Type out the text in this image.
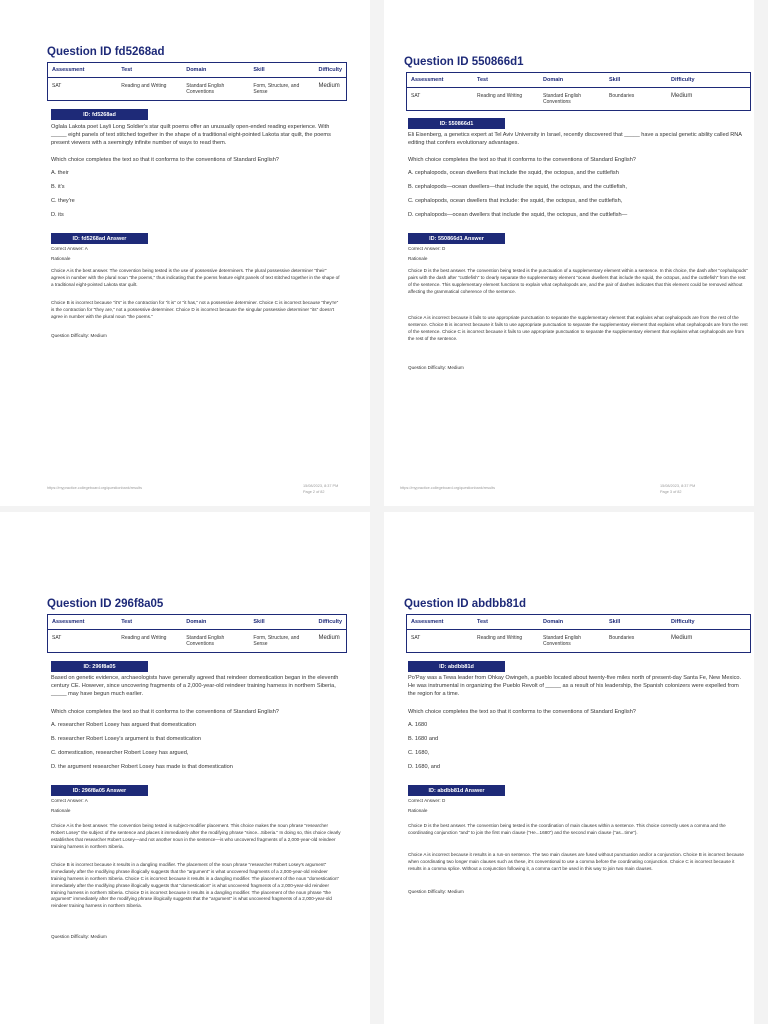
Question ID fd5268ad
Assessment	Test	Domain	Skill	Difficulty
SAT	Reading and Writing	Standard English Conventions	Form, Structure, and Sense	Medium
ID: fd5268ad

Oglala Lakota poet Layli Long Soldier's star quilt poems offer an unusually open-ended reading experience. With _____ eight panels of text stitched together in the shape of a traditional eight-pointed Lakota star quilt, the poems present viewers with a seemingly infinite number of ways to read them.

Which choice completes the text so that it conforms to the conventions of Standard English?

A. their
B. it's
C. they're
D. its
ID: fd5268ad Answer

Correct Answer: A

Rationale

Choice A is the best answer. The convention being tested is the use of possessive determiners. The plural possessive determiner "their" agrees in number with the plural noun "the poems," thus indicating that the poems feature eight panels of text stitched together in the shape of a traditional eight-pointed Lakota star quilt.

Choice B is incorrect because "it's" is the contraction for "it is" or "it has," not a possessive determiner. Choice C is incorrect because "they're" is the contraction for "they are," not a possessive determiner. Choice D is incorrect because the singular possessive determiner "its" doesn't agree in number with the plural noun "the poems."

Question Difficulty: Medium

https://mypractice.collegeboard.org/questionbank/results	15/08/2023, 8:37 PM
Page 2 of 82
Question ID 550866d1
Assessment	Test	Domain	Skill	Difficulty
SAT	Reading and Writing	Standard English Conventions	Boundaries	Medium
ID: 550866d1

Eli Eisenberg, a genetics expert at Tel Aviv University in Israel, recently discovered that _____ have a special genetic ability called RNA editing that confers evolutionary advantages.

Which choice completes the text so that it conforms to the conventions of Standard English?

A. cephalopods, ocean dwellers that include the squid, the octopus, and the cuttlefish
B. cephalopods—ocean dwellers—that include the squid, the octopus, and the cuttlefish,
C. cephalopods, ocean dwellers that include: the squid, the octopus, and the cuttlefish,
D. cephalopods—ocean dwellers that include the squid, the octopus, and the cuttlefish—
ID: 550866d1 Answer

Correct Answer: D

Rationale

Choice D is the best answer. The convention being tested is the punctuation of a supplementary element within a sentence. In this choice, the dash after "cephalopods" pairs with the dash after "cuttlefish" to clearly separate the supplementary element "ocean dwellers that include the squid, the octopus, and the cuttlefish" from the rest of the sentence. This supplementary element functions to explain what cephalopods are, and the pair of dashes indicates that this element could be removed without affecting the grammatical coherence of the sentence.

Choice A is incorrect because it fails to use appropriate punctuation to separate the supplementary element that explains what cephalopods are from the rest of the sentence. Choice B is incorrect because it fails to use appropriate punctuation to separate the supplementary element that explains what cephalopods are from the rest of the sentence. Choice C is incorrect because it fails to use appropriate punctuation to separate the supplementary element that explains what cephalopods are from the rest of the sentence.

Question Difficulty: Medium

https://mypractice.collegeboard.org/questionbank/results	15/08/2023, 8:37 PM
Page 3 of 82
Question ID 296f8a05
Assessment	Test	Domain	Skill	Difficulty
SAT	Reading and Writing	Standard English Conventions	Form, Structure, and Sense	Medium
ID: 296f8a05

Based on genetic evidence, archaeologists have generally agreed that reindeer domestication began in the eleventh century CE. However, since uncovering fragments of a 2,000-year-old reindeer training harness in northern Siberia, _____ may have begun much earlier.

Which choice completes the text so that it conforms to the conventions of Standard English?

A. researcher Robert Losey has argued that domestication
B. researcher Robert Losey's argument is that domestication
C. domestication, researcher Robert Losey has argued,
D. the argument researcher Robert Losey has made is that domestication
ID: 296f8a05 Answer

Correct Answer: A

Rationale

Choice A is the best answer. The convention being tested is subject-modifier placement. This choice makes the noun phrase "researcher Robert Losey" the subject of the sentence and places it immediately after the modifying phrase "since...Siberia." In doing so, this choice clearly establishes that researcher Robert Losey—and not another noun in the sentence—is who uncovered fragments of a 2,000-year-old reindeer training harness in northern Siberia.

Choice B is incorrect because it results in a dangling modifier. The placement of the noun phrase "researcher Robert Losey's argument" immediately after the modifying phrase illogically suggests that the "argument" is what uncovered fragments of a 2,000-year-old reindeer training harness in northern Siberia. Choice C is incorrect because it results in a dangling modifier. The placement of the noun "domestication" immediately after the modifying phrase illogically suggests that "domestication" is what uncovered fragments of a 2,000-year-old reindeer training harness in northern Siberia. Choice D is incorrect because it results in a dangling modifier. The placement of the noun phrase "the argument" immediately after the modifying phrase illogically suggests that the "argument" is what uncovered fragments of a 2,000-year-old reindeer training harness in northern Siberia.

Question Difficulty: Medium

Question ID abdbb81d
Assessment	Test	Domain	Skill	Difficulty
SAT	Reading and Writing	Standard English Conventions	Boundaries	Medium
ID: abdbb81d

Po'Pay was a Tewa leader from Ohkay Owingeh, a pueblo located about twenty-five miles north of present-day Santa Fe, New Mexico. He was instrumental in organizing the Pueblo Revolt of _____ as a result of his leadership, the Spanish colonizers were expelled from the region for a time.

Which choice completes the text so that it conforms to the conventions of Standard English?

A. 1680
B. 1680 and
C. 1680,
D. 1680, and
ID: abdbb81d Answer

Correct Answer: D

Rationale

Choice D is the best answer. The convention being tested is the coordination of main clauses within a sentence. This choice correctly uses a comma and the coordinating conjunction "and" to join the first main clause ("He...1680") and the second main clause ("as...time").

Choice A is incorrect because it results in a run-on sentence. The two main clauses are fused without punctuation and/or a conjunction. Choice B is incorrect because when coordinating two longer main clauses such as these, it's conventional to use a comma before the coordinating conjunction. Choice C is incorrect because it results in a comma splice. Without a conjunction following it, a comma can't be used in this way to join two main clauses.

Question Difficulty: Medium
